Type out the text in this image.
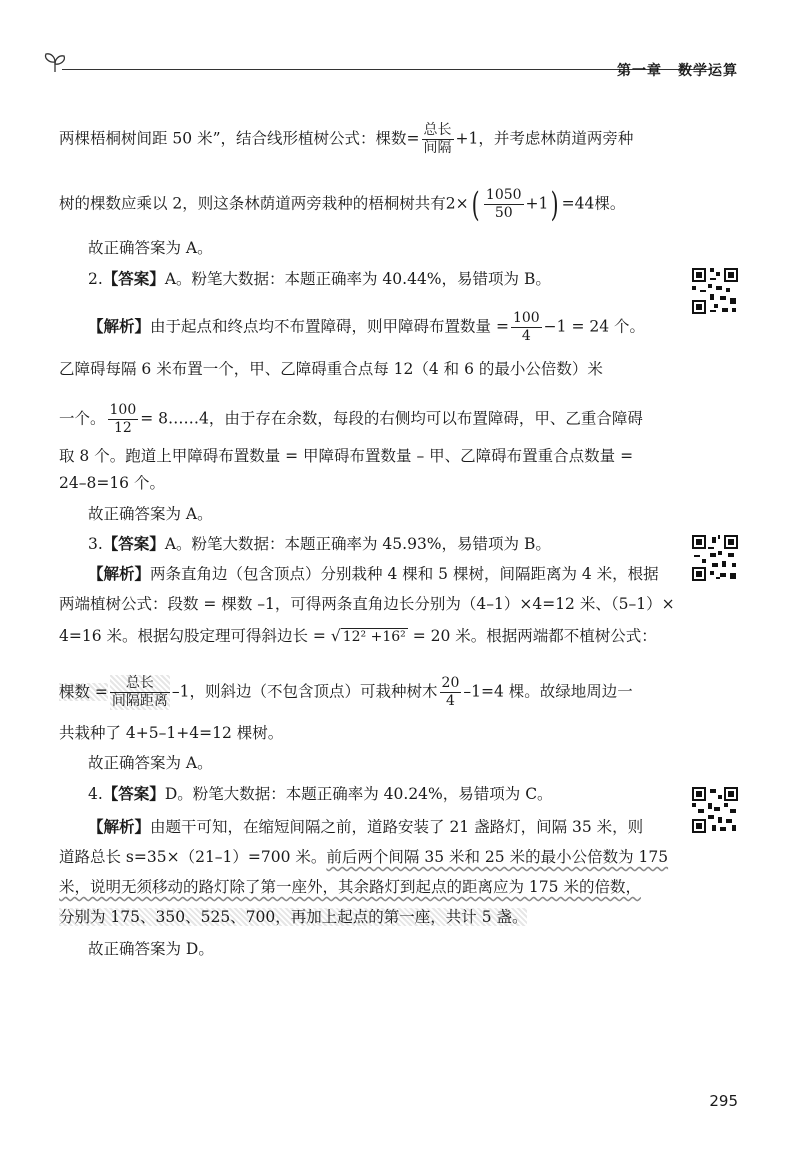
第一章 数学运算
两棵梧桐树间距 50 米”，结合线形植树公式：棵数= $\frac{\text{总长}}{\text{间隔}} +1$，并考虑林荫道两旁种
树的棵数应乘以 2，则这条林荫道两旁栽种的梧桐树共有$2\times( \frac{1050}{50} +1) =44$棵。
故正确答案为 A。
2.【答案】A。粉笔大数据：本题正确率为 40.44%，易错项为 B。
【解析】由于起点和终点均不布置障碍，则甲障碍布置数量 = $\frac{100}{4} -1 = 24$ 个。
乙障碍每隔 6 米布置一个，甲、乙障碍重合点每 12（4 和 6 的最小公倍数）米
一个。 $\frac{100}{12}$ = 8……4，由于存在余数，每段的右侧均可以布置障碍，甲、乙重合障碍
取 8 个。跑道上甲障碍布置数量 = 甲障碍布置数量 – 甲、乙障碍布置重合点数量 =
24–8=16 个。
故正确答案为 A。
3.【答案】A。粉笔大数据：本题正确率为 45.93%，易错项为 B。
【解析】两条直角边（包含顶点）分别栽种 4 棵和 5 棵树，间隔距离为 4 米，根据
两端植树公式：段数 = 棵数 –1，可得两条直角边长分别为（4–1）×4=12 米、（5–1）×
4=16 米。根据勾股定理可得斜边长 = √ 12² +16² = 20 米。根据两端都不植树公式：
棵数 = $\frac{\text{总长}}{\text{间隔距离}} -1$，则斜边（不包含顶点）可栽种树木 $\frac{20}{4} -1=4$ 棵。故绿地周边一
共栽种了 4+5–1+4=12 棵树。
故正确答案为 A。
4.【答案】D。粉笔大数据：本题正确率为 40.24%，易错项为 C。
【解析】由题干可知，在缩短间隔之前，道路安装了 21 盏路灯，间隔 35 米，则
道路总长 s=35×（21–1）=700 米。前后两个间隔 35 米和 25 米的最小公倍数为 175
米，说明无须移动的路灯除了第一座外，其余路灯到起点的距离应为 175 米的倍数，
分别为 175、350、525、700，再加上起点的第一座，共计 5 盏。
故正确答案为 D。
295
